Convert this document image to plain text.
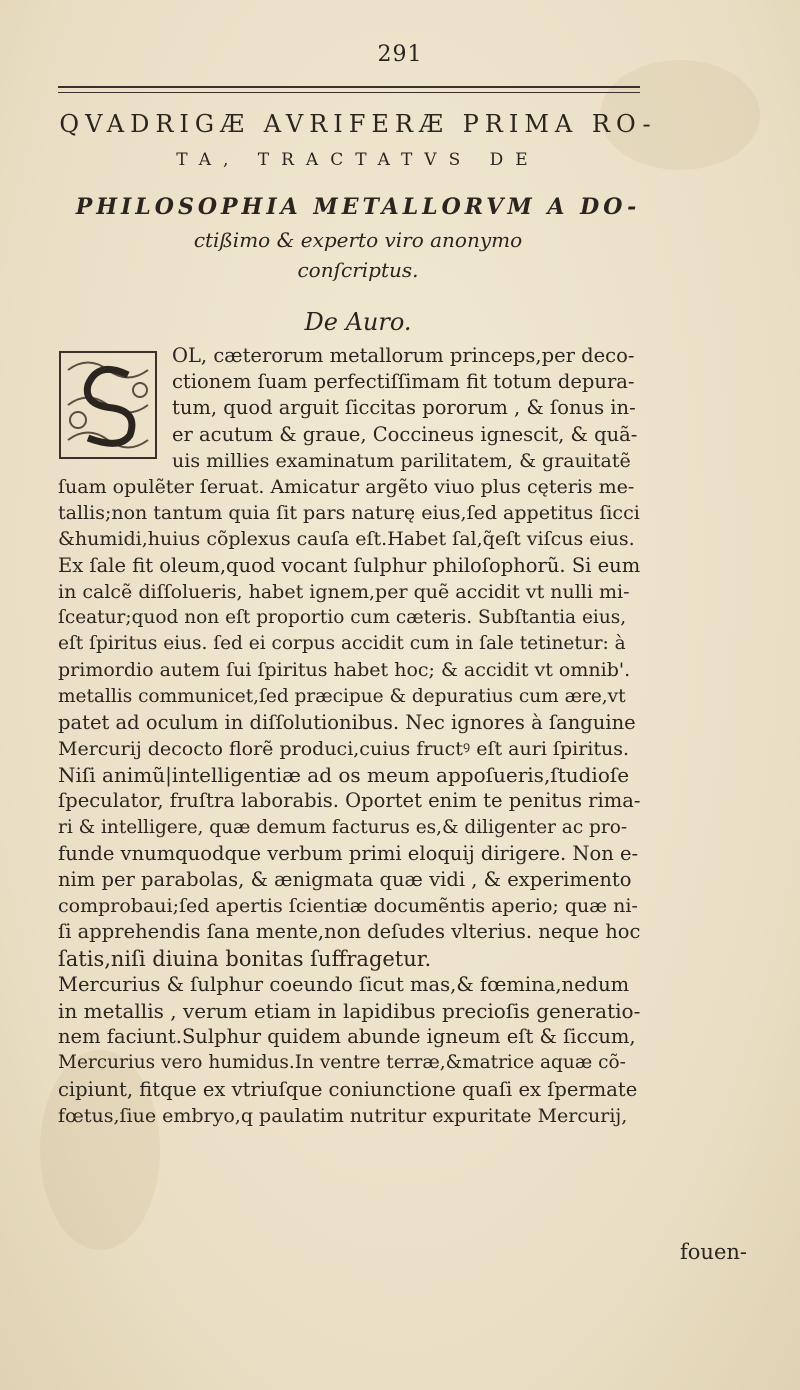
291
QVADRIGÆ AVRIFERÆ PRIMA RO-
TA, TRACTATVS DE
PHILOSOPHIA METALLORVM A DO-
ctißimo & experto viro anonymo
conſcriptus.
De Auro.
OL, cæterorum metallorum princeps,per deco-
ctionem ſuam perfectiſſimam fit totum depura-
tum, quod arguit ſiccitas pororum , & ſonus in-
er acutum & graue, Coccineus ignescit, & quã-
uis millies examinatum parilitatem, & grauitatẽ
ſuam opulẽter ſeruat. Amicatur argẽto viuo plus cęteris me-
tallis;non tantum quia ſit pars naturę eius,ſed appetitus ſicci
&humidi,huius cõplexus cauſa eſt.Habet ſal,q̃eſt viſcus eius.
Ex ſale fit oleum,quod vocant ſulphur philoſophorũ. Si eum
in calcẽ diſſolueris, habet ignem,per quẽ accidit vt nulli mi-
ſceatur;quod non eſt proportio cum cæteris. Subſtantia eius,
eſt ſpiritus eius. ſed ei corpus accidit cum in ſale tetinetur: à
primordio autem ſui ſpiritus habet hoc; & accidit vt omnib'.
metallis communicet,ſed præcipue & depuratius cum ære,vt
patet ad oculum in diſſolutionibus. Nec ignores à ſanguine
Mercurij decocto florẽ produci,cuius fructꝰ eſt auri ſpiritus.
Niſi animũ|intelligentiæ ad os meum appoſueris,ſtudioſe
ſpeculator, fruſtra laborabis. Oportet enim te penitus rima-
ri & intelligere, quæ demum facturus es,& diligenter ac pro-
funde vnumquodque verbum primi eloquij dirigere. Non e-
nim per parabolas, & ænigmata quæ vidi , & experimento
comprobaui;ſed apertis ſcientiæ documẽntis aperio; quæ ni-
ſi apprehendis ſana mente,non deſudes vlterius. neque hoc
ſatis,niſi diuina bonitas ſuffragetur.
Mercurius & ſulphur coeundo ſicut mas,& fœmina,nedum
in metallis , verum etiam in lapidibus precioſis generatio-
nem faciunt.Sulphur quidem abunde igneum eſt & ſiccum,
Mercurius vero humidus.In ventre terræ,&matrice aquæ cõ-
cipiunt, fitque ex vtriuſque coniunctione quaſi ex ſpermate
fœtus,ſiue embryo,q paulatim nutritur expuritate Mercurij,
fouen-
